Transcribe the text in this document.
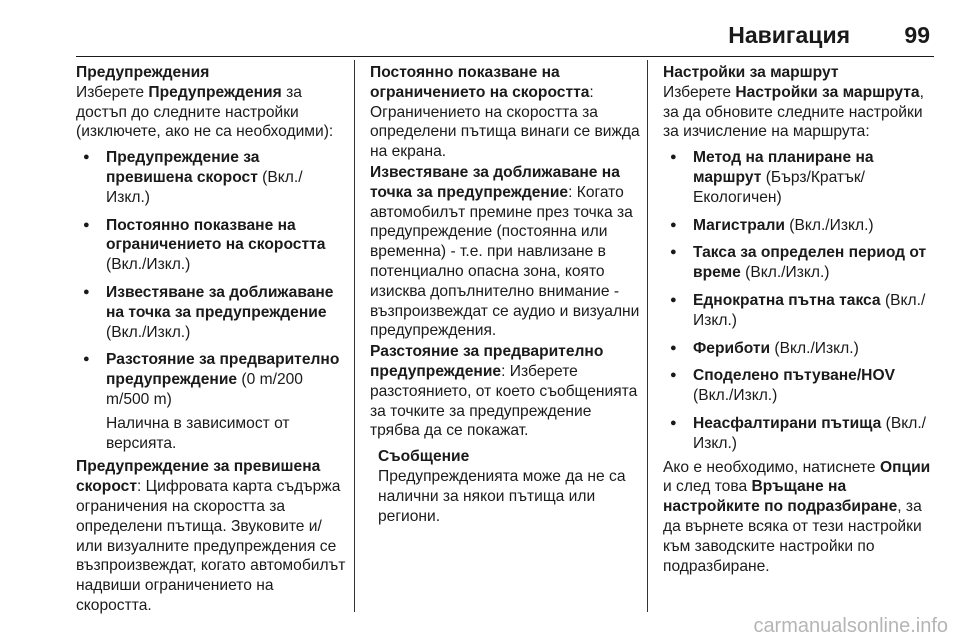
Навигация 99

Предупреждения

Изберете Предупреждения за достъп до следните настройки (изключете, ако не са необходими):

● Предупреждение за превишена скорост (Вкл./Изкл.)
● Постоянно показване на ограничението на скоростта (Вкл./Изкл.)
● Известяване за доближаване на точка за предупреждение (Вкл./Изкл.)
● Разстояние за предварително предупреждение (0 m/200 m/500 m)

Налична в зависимост от версията.

Предупреждение за превишена скорост: Цифровата карта съдържа ограничения на скоростта за определени пътища. Звуковите и/или визуалните предупреждения се възпроизвеждат, когато автомобилът надвиши ограничението на скоростта.

Постоянно показване на ограничението на скоростта: Ограничението на скоростта за определени пътища винаги се вижда на екрана.

Известяване за доближаване на точка за предупреждение: Когато автомобилът премине през точка за предупреждение (постоянна или временна) - т.е. при навлизане в потенциално опасна зона, която изисква допълнително внимание - възпроизвеждат се аудио и визуални предупреждения.

Разстояние за предварително предупреждение: Изберете разстоянието, от което съобщенията за точките за предупреждение трябва да се покажат.

Съобщение

Предупрежденията може да не са налични за някои пътища или региони.

Настройки за маршрут

Изберете Настройки за маршрута, за да обновите следните настройки за изчисление на маршрута:

● Метод на планиране на маршрут (Бърз/Кратък/Екологичен)
● Магистрали (Вкл./Изкл.)
● Такса за определен период от време (Вкл./Изкл.)
● Еднократна пътна такса (Вкл./Изкл.)
● Фериботи (Вкл./Изкл.)
● Споделено пътуване/HOV (Вкл./Изкл.)
● Неасфалтирани пътища (Вкл./Изкл.)

Ако е необходимо, натиснете Опции и след това Връщане на настройките по подразбиране, за да върнете всяка от тези настройки към заводските настройки по подразбиране.

carmanualsonline.info
